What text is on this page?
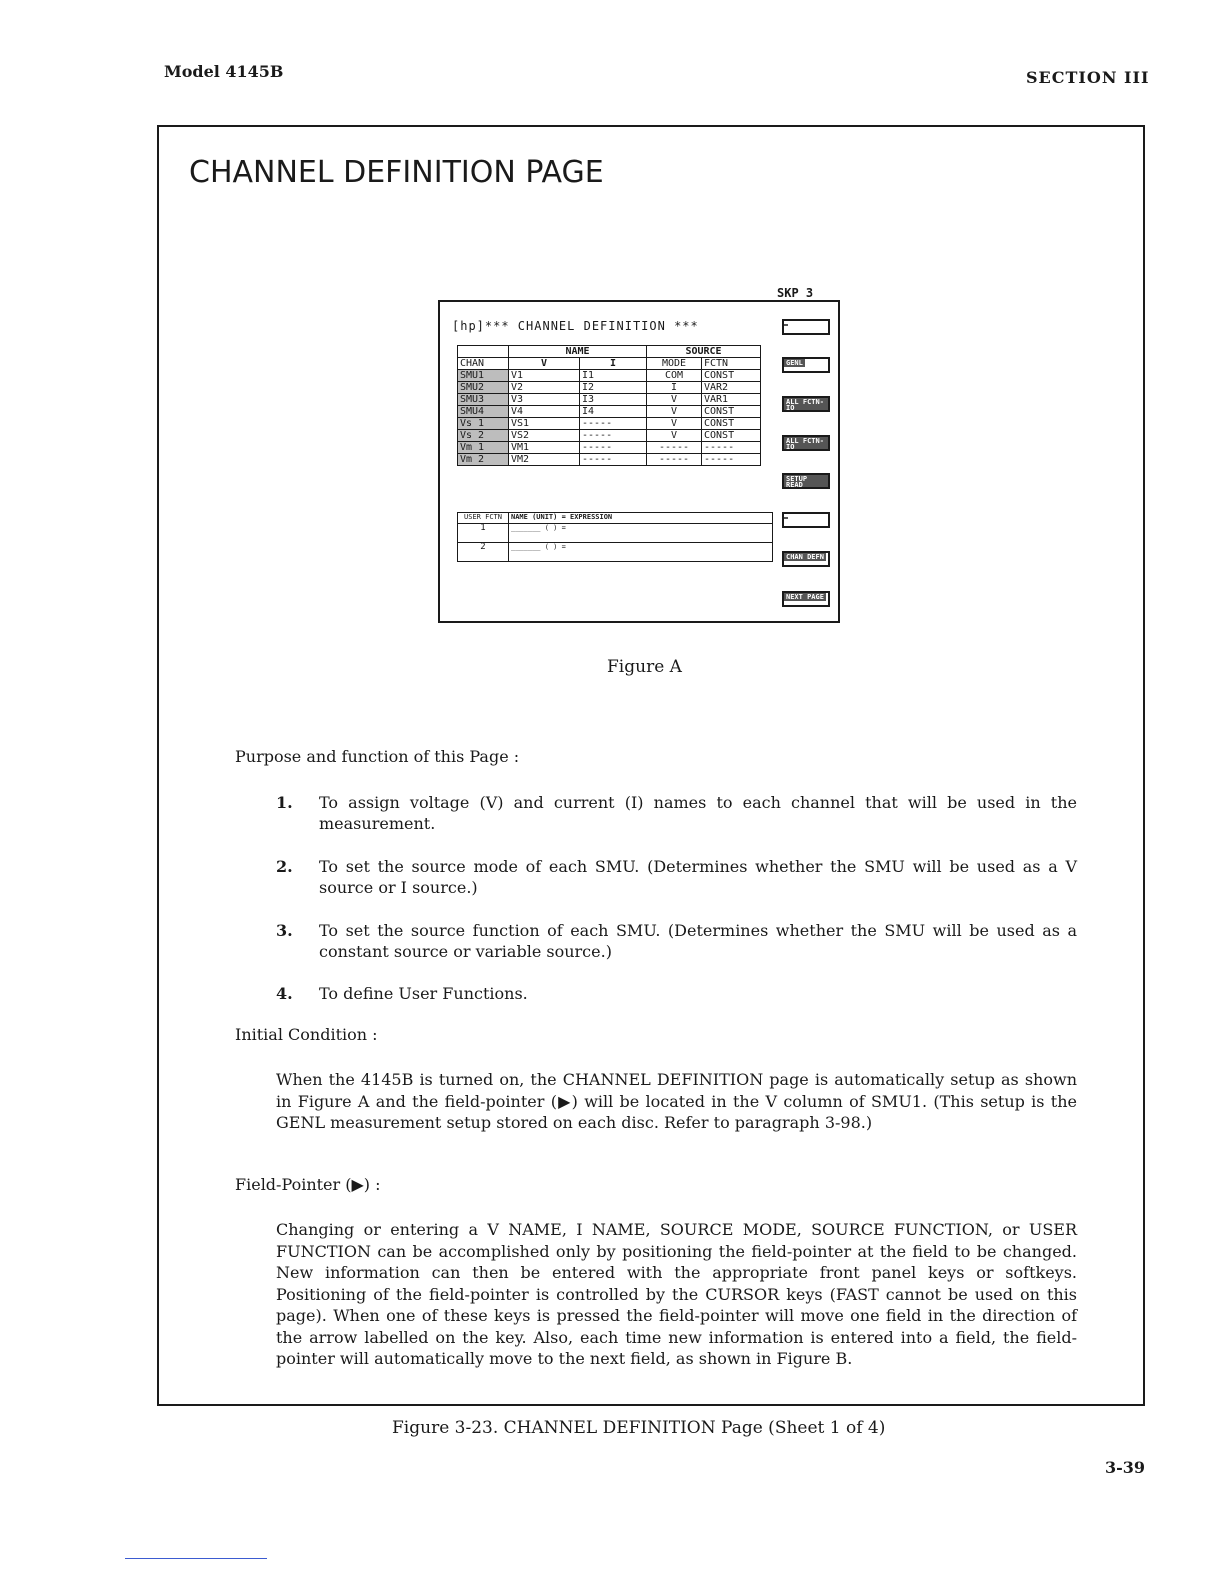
Model 4145B	SECTION III
CHANNEL DEFINITION PAGE
SKP 3
[hp]*** CHANNEL DEFINITION ***
	NAME		SOURCE	
CHAN	V	I	MODE	FCTN
SMU1	V1	I1	COM	CONST
SMU2	V2	I2	I	VAR2
SMU3	V3	I3	V	VAR1
SMU4	V4	I4	V	CONST
Vs 1	VS1	-----	V	CONST
Vs 2	VS2	-----	V	CONST
Vm 1	VM1	-----	-----	-----
Vm 2	VM2	-----	-----	-----
USER FCTN	NAME (UNIT) = EXPRESSION
1	_______ ( ) =
2	_______ ( ) =
GENL
ALL FCTN-IO
ALL FCTN-IO
SETUP READ
CHAN DEFN
NEXT PAGE
Figure A
Purpose and function of this Page :
1. To assign voltage (V) and current (I) names to each channel that will be used in the measurement.
2. To set the source mode of each SMU. (Determines whether the SMU will be used as a V source or I source.)
3. To set the source function of each SMU. (Determines whether the SMU will be used as a constant source or variable source.)
4. To define User Functions.
Initial Condition :
When the 4145B is turned on, the CHANNEL DEFINITION page is automatically setup as shown in Figure A and the field-pointer (▶) will be located in the V column of SMU1. (This setup is the GENL measurement setup stored on each disc. Refer to paragraph 3-98.)
Field-Pointer (▶) :
Changing or entering a V NAME, I NAME, SOURCE MODE, SOURCE FUNCTION, or USER FUNCTION can be accomplished only by positioning the field-pointer at the field to be changed. New information can then be entered with the appropriate front panel keys or softkeys. Positioning of the field-pointer is controlled by the CURSOR keys (FAST cannot be used on this page). When one of these keys is pressed the field-pointer will move one field in the direction of the arrow labelled on the key. Also, each time new information is entered into a field, the field-pointer will automatically move to the next field, as shown in Figure B.
Figure 3-23. CHANNEL DEFINITION Page (Sheet 1 of 4)
3-39
